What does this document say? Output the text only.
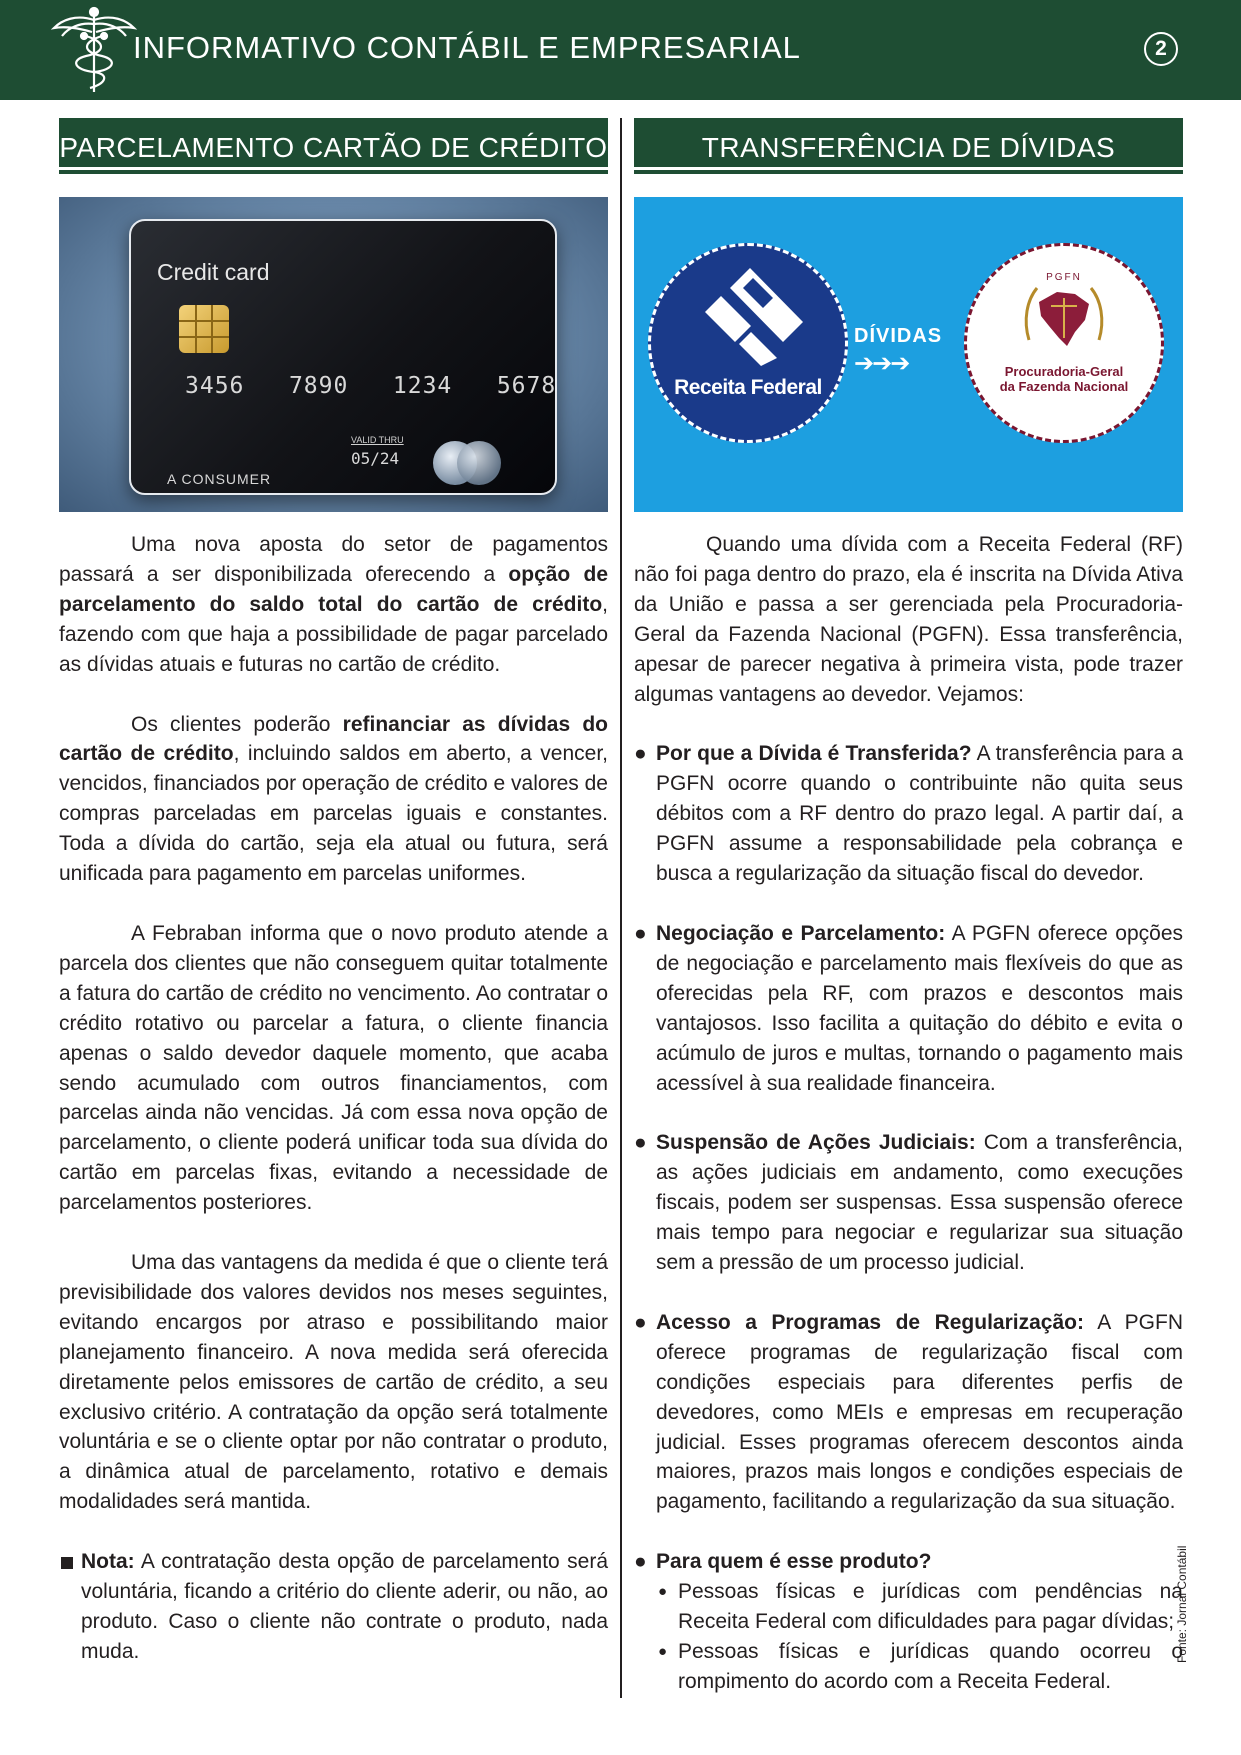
INFORMATIVO CONTÁBIL E EMPRESARIAL	2
PARCELAMENTO CARTÃO DE CRÉDITO
Credit card
3456 7890 1234 5678
VALID THRU
05/24
A CONSUMER

Uma nova aposta do setor de pagamentos passará a ser disponibilizada oferecendo a opção de parcelamento do saldo total do cartão de crédito, fazendo com que haja a possibilidade de pagar parcelado as dívidas atuais e futuras no cartão de crédito.

Os clientes poderão refinanciar as dívidas do cartão de crédito, incluindo saldos em aberto, a vencer, vencidos, financiados por operação de crédito e valores de compras parceladas em parcelas iguais e constantes. Toda a dívida do cartão, seja ela atual ou futura, será unificada para pagamento em parcelas uniformes.

A Febraban informa que o novo produto atende a parcela dos clientes que não conseguem quitar totalmente a fatura do cartão de crédito no vencimento. Ao contratar o crédito rotativo ou parcelar a fatura, o cliente financia apenas o saldo devedor daquele momento, que acaba sendo acumulado com outros financiamentos, com parcelas ainda não vencidas. Já com essa nova opção de parcelamento, o cliente poderá unificar toda sua dívida do cartão em parcelas fixas, evitando a necessidade de parcelamentos posteriores.

Uma das vantagens da medida é que o cliente terá previsibilidade dos valores devidos nos meses seguintes, evitando encargos por atraso e possibilitando maior planejamento financeiro. A nova medida será oferecida diretamente pelos emissores de cartão de crédito, a seu exclusivo critério. A contratação da opção será totalmente voluntária e se o cliente optar por não contratar o produto, a dinâmica atual de parcelamento, rotativo e demais modalidades será mantida.

Nota: A contratação desta opção de parcelamento será voluntária, ficando a critério do cliente aderir, ou não, ao produto. Caso o cliente não contrate o produto, nada muda.
TRANSFERÊNCIA DE DÍVIDAS
Receita Federal
DÍVIDAS
➔➔➔
PGFN
Procuradoria-Geral
da Fazenda Nacional

Quando uma dívida com a Receita Federal (RF) não foi paga dentro do prazo, ela é inscrita na Dívida Ativa da União e passa a ser gerenciada pela Procuradoria-Geral da Fazenda Nacional (PGFN). Essa transferência, apesar de parecer negativa à primeira vista, pode trazer algumas vantagens ao devedor. Vejamos:

● Por que a Dívida é Transferida? A transferência para a PGFN ocorre quando o contribuinte não quita seus débitos com a RF dentro do prazo legal. A partir daí, a PGFN assume a responsabilidade pela cobrança e busca a regularização da situação fiscal do devedor.
● Negociação e Parcelamento: A PGFN oferece opções de negociação e parcelamento mais flexíveis do que as oferecidas pela RF, com prazos e descontos mais vantajosos. Isso facilita a quitação do débito e evita o acúmulo de juros e multas, tornando o pagamento mais acessível à sua realidade financeira.
● Suspensão de Ações Judiciais: Com a transferência, as ações judiciais em andamento, como execuções fiscais, podem ser suspensas. Essa suspensão oferece mais tempo para negociar e regularizar sua situação sem a pressão de um processo judicial.
● Acesso a Programas de Regularização: A PGFN oferece programas de regularização fiscal com condições especiais para diferentes perfis de devedores, como MEIs e empresas em recuperação judicial. Esses programas oferecem descontos ainda maiores, prazos mais longos e condições especiais de pagamento, facilitando a regularização da sua situação.
● Para quem é esse produto?
● Pessoas físicas e jurídicas com pendências na Receita Federal com dificuldades para pagar dívidas;
● Pessoas físicas e jurídicas quando ocorreu o rompimento do acordo com a Receita Federal.
Fonte: Jornal Contábil
